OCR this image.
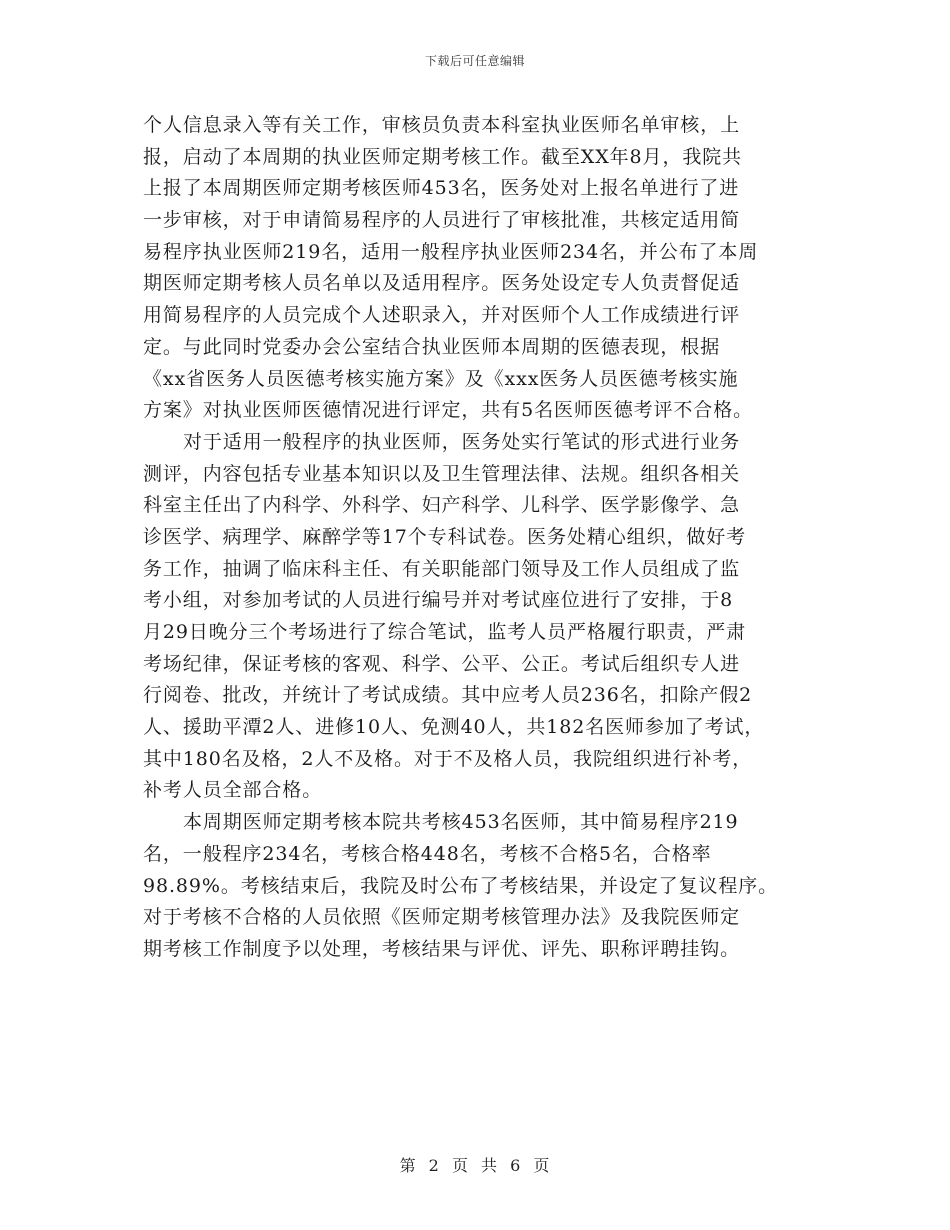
下载后可任意编辑
个人信息录入等有关工作，审核员负责本科室执业医师名单审核，上
报，启动了本周期的执业医师定期考核工作。截至XX年8月，我院共
上报了本周期医师定期考核医师453名，医务处对上报名单进行了进
一步审核，对于申请简易程序的人员进行了审核批准，共核定适用简
易程序执业医师219名，适用一般程序执业医师234名，并公布了本周
期医师定期考核人员名单以及适用程序。医务处设定专人负责督促适
用简易程序的人员完成个人述职录入，并对医师个人工作成绩进行评
定。与此同时党委办会公室结合执业医师本周期的医德表现，根据
《xx省医务人员医德考核实施方案》及《xxx医务人员医德考核实施
方案》对执业医师医德情况进行评定，共有5名医师医德考评不合格。
对于适用一般程序的执业医师，医务处实行笔试的形式进行业务
测评，内容包括专业基本知识以及卫生管理法律、法规。组织各相关
科室主任出了内科学、外科学、妇产科学、儿科学、医学影像学、急
诊医学、病理学、麻醉学等17个专科试卷。医务处精心组织，做好考
务工作，抽调了临床科主任、有关职能部门领导及工作人员组成了监
考小组，对参加考试的人员进行编号并对考试座位进行了安排，于8
月29日晚分三个考场进行了综合笔试，监考人员严格履行职责，严肃
考场纪律，保证考核的客观、科学、公平、公正。考试后组织专人进
行阅卷、批改，并统计了考试成绩。其中应考人员236名，扣除产假2
人、援助平潭2人、进修10人、免测40人，共182名医师参加了考试，
其中180名及格，2人不及格。对于不及格人员，我院组织进行补考，
补考人员全部合格。
本周期医师定期考核本院共考核453名医师，其中简易程序219
名，一般程序234名，考核合格448名，考核不合格5名，合格率
98.89%。考核结束后，我院及时公布了考核结果，并设定了复议程序。
对于考核不合格的人员依照《医师定期考核管理办法》及我院医师定
期考核工作制度予以处理，考核结果与评优、评先、职称评聘挂钩。
第 2 页 共 6 页
